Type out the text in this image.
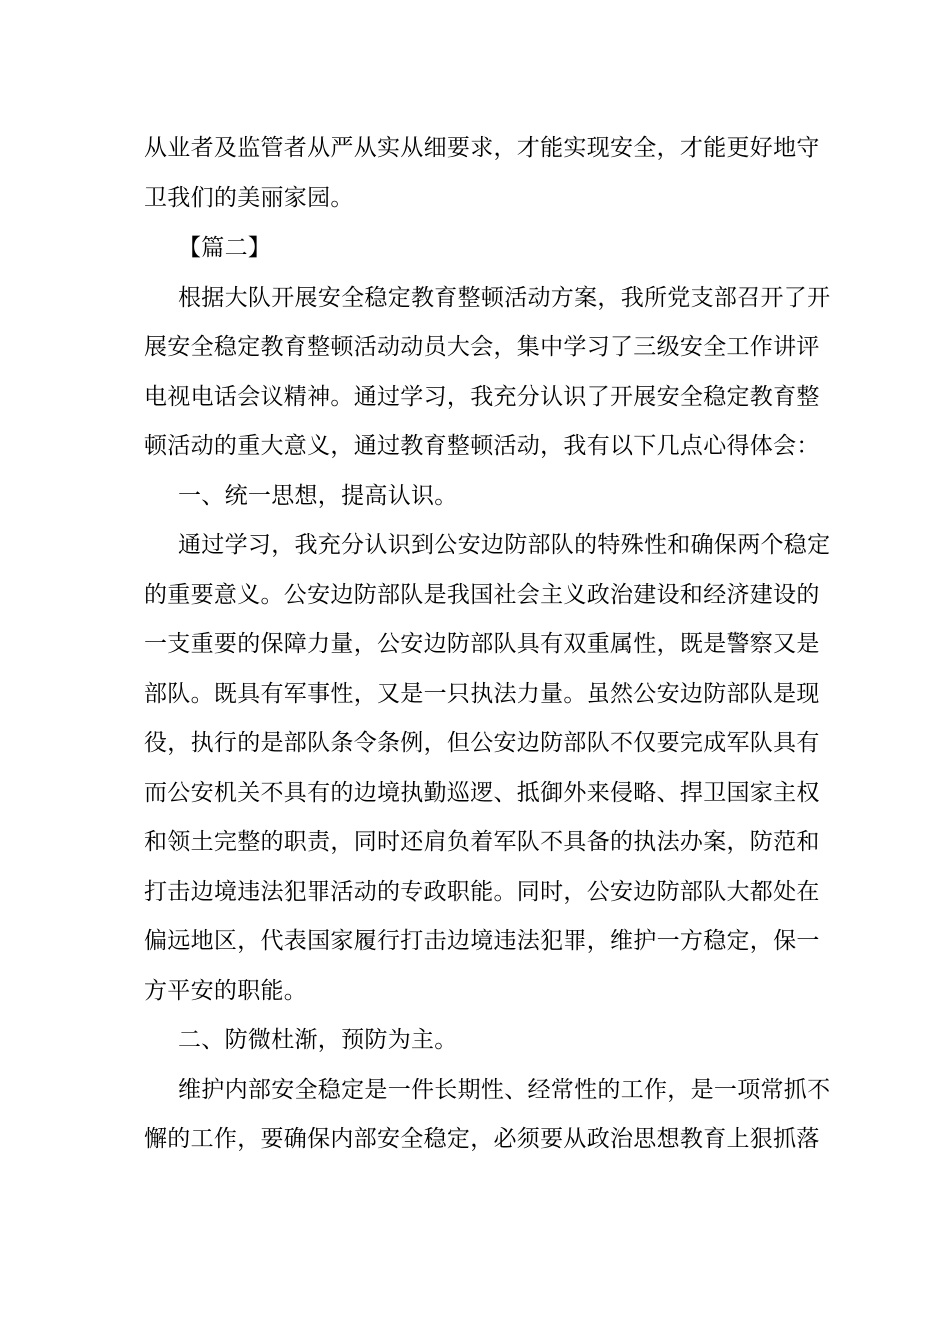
从业者及监管者从严从实从细要求，才能实现安全，才能更好地守
卫我们的美丽家园。

【篇二】

根据大队开展安全稳定教育整顿活动方案，我所党支部召开了开
展安全稳定教育整顿活动动员大会，集中学习了三级安全工作讲评
电视电话会议精神。通过学习，我充分认识了开展安全稳定教育整
顿活动的重大意义，通过教育整顿活动，我有以下几点心得体会：

一、统一思想，提高认识。

通过学习，我充分认识到公安边防部队的特殊性和确保两个稳定
的重要意义。公安边防部队是我国社会主义政治建设和经济建设的
一支重要的保障力量，公安边防部队具有双重属性，既是警察又是
部队。既具有军事性，又是一只执法力量。虽然公安边防部队是现
役，执行的是部队条令条例，但公安边防部队不仅要完成军队具有
而公安机关不具有的边境执勤巡逻、抵御外来侵略、捍卫国家主权
和领土完整的职责，同时还肩负着军队不具备的执法办案，防范和
打击边境违法犯罪活动的专政职能。同时，公安边防部队大都处在
偏远地区，代表国家履行打击边境违法犯罪，维护一方稳定，保一
方平安的职能。

二、防微杜渐，预防为主。

维护内部安全稳定是一件长期性、经常性的工作，是一项常抓不
懈的工作，要确保内部安全稳定，必须要从政治思想教育上狠抓落
